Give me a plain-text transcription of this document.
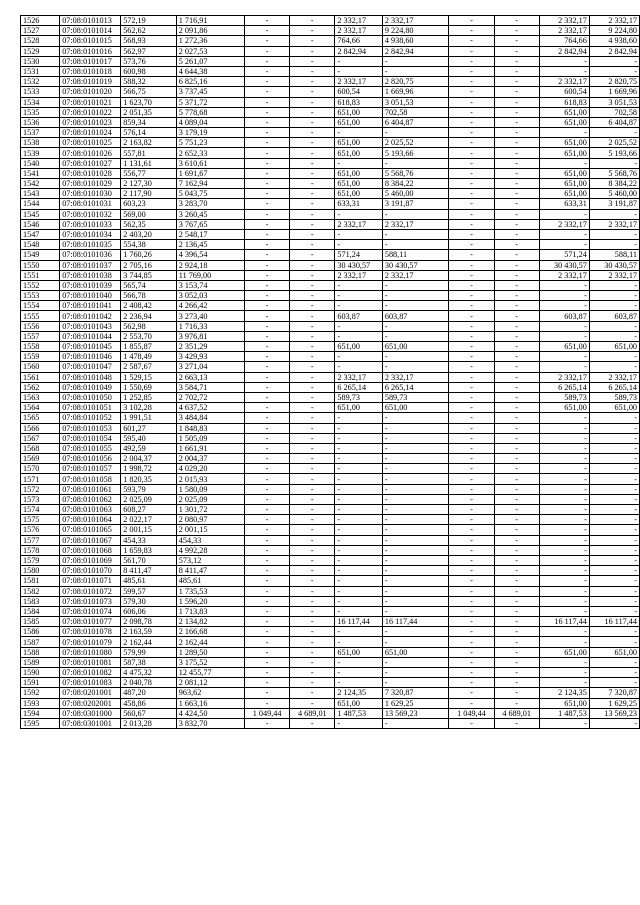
1526	07:08:0101013	572,19	1 716,91	-	-	2 332,17	2 332,17	-	-	2 332,17	2 332,17
1527	07:08:0101014	562,62	2 091,86	-	-	2 332,17	9 224,80	-	-	2 332,17	9 224,80
1528	07:08:0101015	568,93	1 272,36	-	-	764,66	4 938,60	-	-	764,66	4 938,60
1529	07:08:0101016	562,97	2 027,53	-	-	2 842,94	2 842,94	-	-	2 842,94	2 842,94
1530	07:08:0101017	573,76	5 261,07	-	-	-	-	-	-	-	-
1531	07:08:0101018	600,98	4 644,38	-	-	-	-	-	-	-	-
1532	07:08:0101019	588,32	6 825,16	-	-	2 332,17	2 820,75	-	-	2 332,17	2 820,75
1533	07:08:0101020	566,75	3 737,45	-	-	600,54	1 669,96	-	-	600,54	1 669,96
1534	07:08:0101021	1 623,70	5 371,72	-	-	618,83	3 051,53	-	-	618,83	3 051,53
1535	07:08:0101022	2 051,35	5 778,68	-	-	651,00	702,58	-	-	651,00	702,58
1536	07:08:0101023	859,34	4 089,04	-	-	651,00	6 404,87	-	-	651,00	6 404,87
1537	07:08:0101024	576,14	3 179,19	-	-	-	-	-	-	-	-
1538	07:08:0101025	2 163,82	5 751,23	-	-	651,00	2 025,52	-	-	651,00	2 025,52
1539	07:08:0101026	557,81	2 652,33	-	-	651,00	5 193,66	-	-	651,00	5 193,66
1540	07:08:0101027	1 131,61	3 610,61	-	-	-	-	-	-	-	-
1541	07:08:0101028	556,77	1 691,67	-	-	651,00	5 568,76	-	-	651,00	5 568,76
1542	07:08:0101029	2 127,30	7 162,94	-	-	651,00	8 384,22	-	-	651,00	8 384,22
1543	07:08:0101030	2 117,90	5 043,75	-	-	651,00	5 460,00	-	-	651,00	5 460,00
1544	07:08:0101031	603,23	3 283,70	-	-	633,31	3 191,87	-	-	633,31	3 191,87
1545	07:08:0101032	569,00	3 260,45	-	-	-	-	-	-	-	-
1546	07:08:0101033	562,35	3 767,65	-	-	2 332,17	2 332,17	-	-	2 332,17	2 332,17
1547	07:08:0101034	2 403,20	2 548,17	-	-	-	-	-	-	-	-
1548	07:08:0101035	554,38	2 136,45	-	-	-	-	-	-	-	-
1549	07:08:0101036	1 760,26	4 396,54	-	-	571,24	588,11	-	-	571,24	588,11
1550	07:08:0101037	2 705,16	2 924,18	-	-	30 430,57	30 430,57	-	-	30 430,57	30 430,57
1551	07:08:0101038	3 744,85	11 769,00	-	-	2 332,17	2 332,17	-	-	2 332,17	2 332,17
1552	07:08:0101039	565,74	3 153,74	-	-	-	-	-	-	-	-
1553	07:08:0101040	566,78	3 052,03	-	-	-	-	-	-	-	-
1554	07:08:0101041	2 408,42	4 266,42	-	-	-	-	-	-	-	-
1555	07:08:0101042	2 236,94	3 273,40	-	-	603,87	603,87	-	-	603,87	603,87
1556	07:08:0101043	562,98	1 716,33	-	-	-	-	-	-	-	-
1557	07:08:0101044	2 553,70	3 976,81	-	-	-	-	-	-	-	-
1558	07:08:0101045	1 855,87	2 351,29	-	-	651,00	651,00	-	-	651,00	651,00
1559	07:08:0101046	1 478,49	3 429,93	-	-	-	-	-	-	-	-
1560	07:08:0101047	2 587,67	3 271,04	-	-	-	-	-	-	-	-
1561	07:08:0101048	1 529,15	2 663,13	-	-	2 332,17	2 332,17	-	-	2 332,17	2 332,17
1562	07:08:0101049	1 550,69	3 584,71	-	-	6 265,14	6 265,14	-	-	6 265,14	6 265,14
1563	07:08:0101050	1 252,85	2 702,72	-	-	589,73	589,73	-	-	589,73	589,73
1564	07:08:0101051	3 102,28	4 637,52	-	-	651,00	651,00	-	-	651,00	651,00
1565	07:08:0101052	1 991,51	3 484,84	-	-	-	-	-	-	-	-
1566	07:08:0101053	601,27	1 848,83	-	-	-	-	-	-	-	-
1567	07:08:0101054	595,40	1 505,09	-	-	-	-	-	-	-	-
1568	07:08:0101055	492,59	1 661,91	-	-	-	-	-	-	-	-
1569	07:08:0101056	2 004,37	2 004,37	-	-	-	-	-	-	-	-
1570	07:08:0101057	1 998,72	4 029,20	-	-	-	-	-	-	-	-
1571	07:08:0101058	1 820,35	2 015,93	-	-	-	-	-	-	-	-
1572	07:08:0101061	593,79	1 580,09	-	-	-	-	-	-	-	-
1573	07:08:0101062	2 025,09	2 025,09	-	-	-	-	-	-	-	-
1574	07:08:0101063	608,27	1 301,72	-	-	-	-	-	-	-	-
1575	07:08:0101064	2 022,17	2 080,97	-	-	-	-	-	-	-	-
1576	07:08:0101065	2 001,15	2 001,15	-	-	-	-	-	-	-	-
1577	07:08:0101067	454,33	454,33	-	-	-	-	-	-	-	-
1578	07:08:0101068	1 659,83	4 992,28	-	-	-	-	-	-	-	-
1579	07:08:0101069	561,70	573,12	-	-	-	-	-	-	-	-
1580	07:08:0101070	8 411,47	8 411,47	-	-	-	-	-	-	-	-
1581	07:08:0101071	485,61	485,61	-	-	-	-	-	-	-	-
1582	07:08:0101072	599,57	1 735,53	-	-	-	-	-	-	-	-
1583	07:08:0101073	579,30	1 596,20	-	-	-	-	-	-	-	-
1584	07:08:0101074	606,06	1 713,83	-	-	-	-	-	-	-	-
1585	07:08:0101077	2 098,78	2 134,82	-	-	16 117,44	16 117,44	-	-	16 117,44	16 117,44
1586	07:08:0101078	2 163,59	2 166,68	-	-	-	-	-	-	-	-
1587	07:08:0101079	2 162,44	2 162,44	-	-	-	-	-	-	-	-
1588	07:08:0101080	579,99	1 289,50	-	-	651,00	651,00	-	-	651,00	651,00
1589	07:08:0101081	587,38	3 175,52	-	-	-	-	-	-	-	-
1590	07:08:0101082	4 475,32	12 455,77	-	-	-	-	-	-	-	-
1591	07:08:0101083	2 040,78	2 081,12	-	-	-	-	-	-	-	-
1592	07:08:0201001	487,20	963,62	-	-	2 124,35	7 320,87	-	-	2 124,35	7 320,87
1593	07:08:0202001	458,86	1 663,16	-	-	651,00	1 629,25	-	-	651,00	1 629,25
1594	07:08:0301000	560,67	4 424,50	1 049,44	4 689,01	1 487,53	13 569,23	1 049,44	4 689,01	1 487,53	13 569,23
1595	07:08:0301001	2 013,28	3 832,70	-	-	-	-	-	-	-	-
